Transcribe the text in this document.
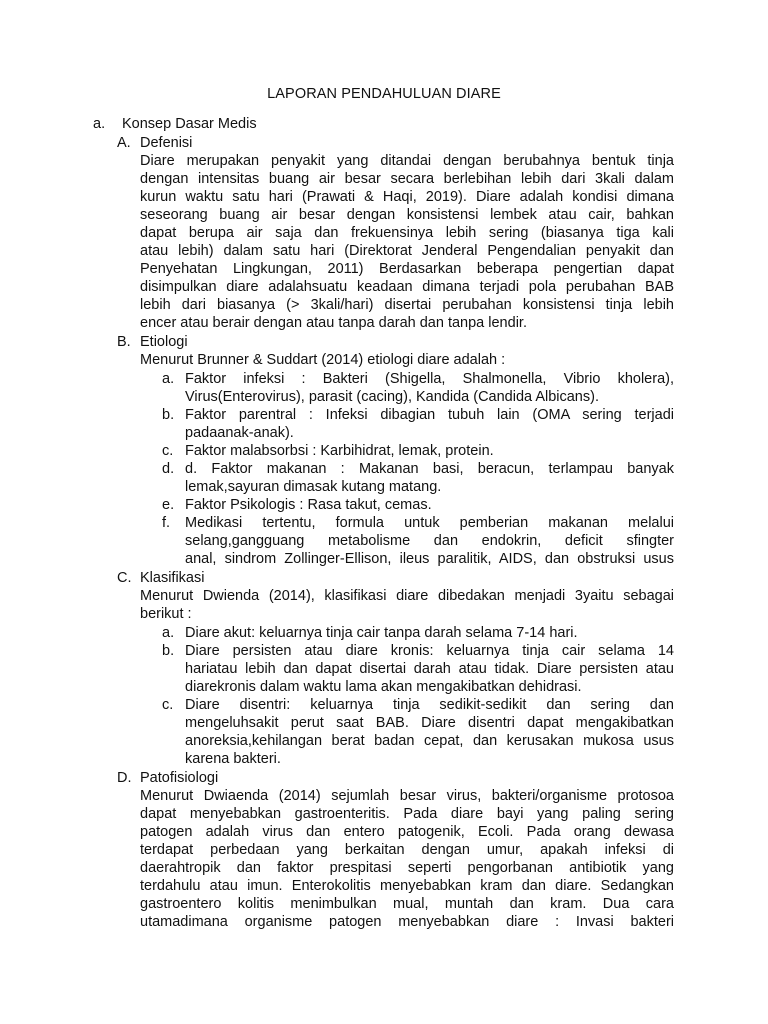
LAPORAN PENDAHULUAN DIARE
a. Konsep Dasar Medis
A. Defenisi
Diare merupakan penyakit yang ditandai dengan berubahnya bentuk tinja
dengan intensitas buang air besar secara berlebihan lebih dari 3kali dalam
kurun waktu satu hari (Prawati & Haqi, 2019). Diare adalah kondisi dimana
seseorang buang air besar dengan konsistensi lembek atau cair, bahkan
dapat berupa air saja dan frekuensinya lebih sering (biasanya tiga kali
atau lebih) dalam satu hari (Direktorat Jenderal Pengendalian penyakit dan
Penyehatan Lingkungan, 2011) Berdasarkan beberapa pengertian dapat
disimpulkan diare adalahsuatu keadaan dimana terjadi pola perubahan BAB
lebih dari biasanya (> 3kali/hari) disertai perubahan konsistensi tinja lebih
encer atau berair dengan atau tanpa darah dan tanpa lendir.
B. Etiologi
Menurut Brunner & Suddart (2014) etiologi diare adalah :
a. Faktor infeksi : Bakteri (Shigella, Shalmonella, Vibrio kholera),
Virus(Enterovirus), parasit (cacing), Kandida (Candida Albicans).
b. Faktor parentral : Infeksi dibagian tubuh lain (OMA sering terjadi
padaanak-anak).
c. Faktor malabsorbsi : Karbihidrat, lemak, protein.
d. d. Faktor makanan : Makanan basi, beracun, terlampau banyak
lemak,sayuran dimasak kutang matang.
e. Faktor Psikologis : Rasa takut, cemas.
f. Medikasi tertentu, formula untuk pemberian makanan melalui
selang,gangguang metabolisme dan endokrin, deficit sfingter
anal, sindrom Zollinger-Ellison, ileus paralitik, AIDS, dan obstruksi usus
C. Klasifikasi
Menurut Dwienda (2014), klasifikasi diare dibedakan menjadi 3yaitu sebagai
berikut :
a. Diare akut: keluarnya tinja cair tanpa darah selama 7-14 hari.
b. Diare persisten atau diare kronis: keluarnya tinja cair selama 14
hariatau lebih dan dapat disertai darah atau tidak. Diare persisten atau
diarekronis dalam waktu lama akan mengakibatkan dehidrasi.
c. Diare disentri: keluarnya tinja sedikit-sedikit dan sering dan
mengeluhsakit perut saat BAB. Diare disentri dapat mengakibatkan
anoreksia,kehilangan berat badan cepat, dan kerusakan mukosa usus
karena bakteri.
D. Patofisiologi
Menurut Dwiaenda (2014) sejumlah besar virus, bakteri/organisme protosoa
dapat menyebabkan gastroenteritis. Pada diare bayi yang paling sering
patogen adalah virus dan entero patogenik, Ecoli. Pada orang dewasa
terdapat perbedaan yang berkaitan dengan umur, apakah infeksi di
daerahtropik dan faktor prespitasi seperti pengorbanan antibiotik yang
terdahulu atau imun. Enterokolitis menyebabkan kram dan diare. Sedangkan
gastroentero kolitis menimbulkan mual, muntah dan kram. Dua cara
utamadimana organisme patogen menyebabkan diare : Invasi bakteri
